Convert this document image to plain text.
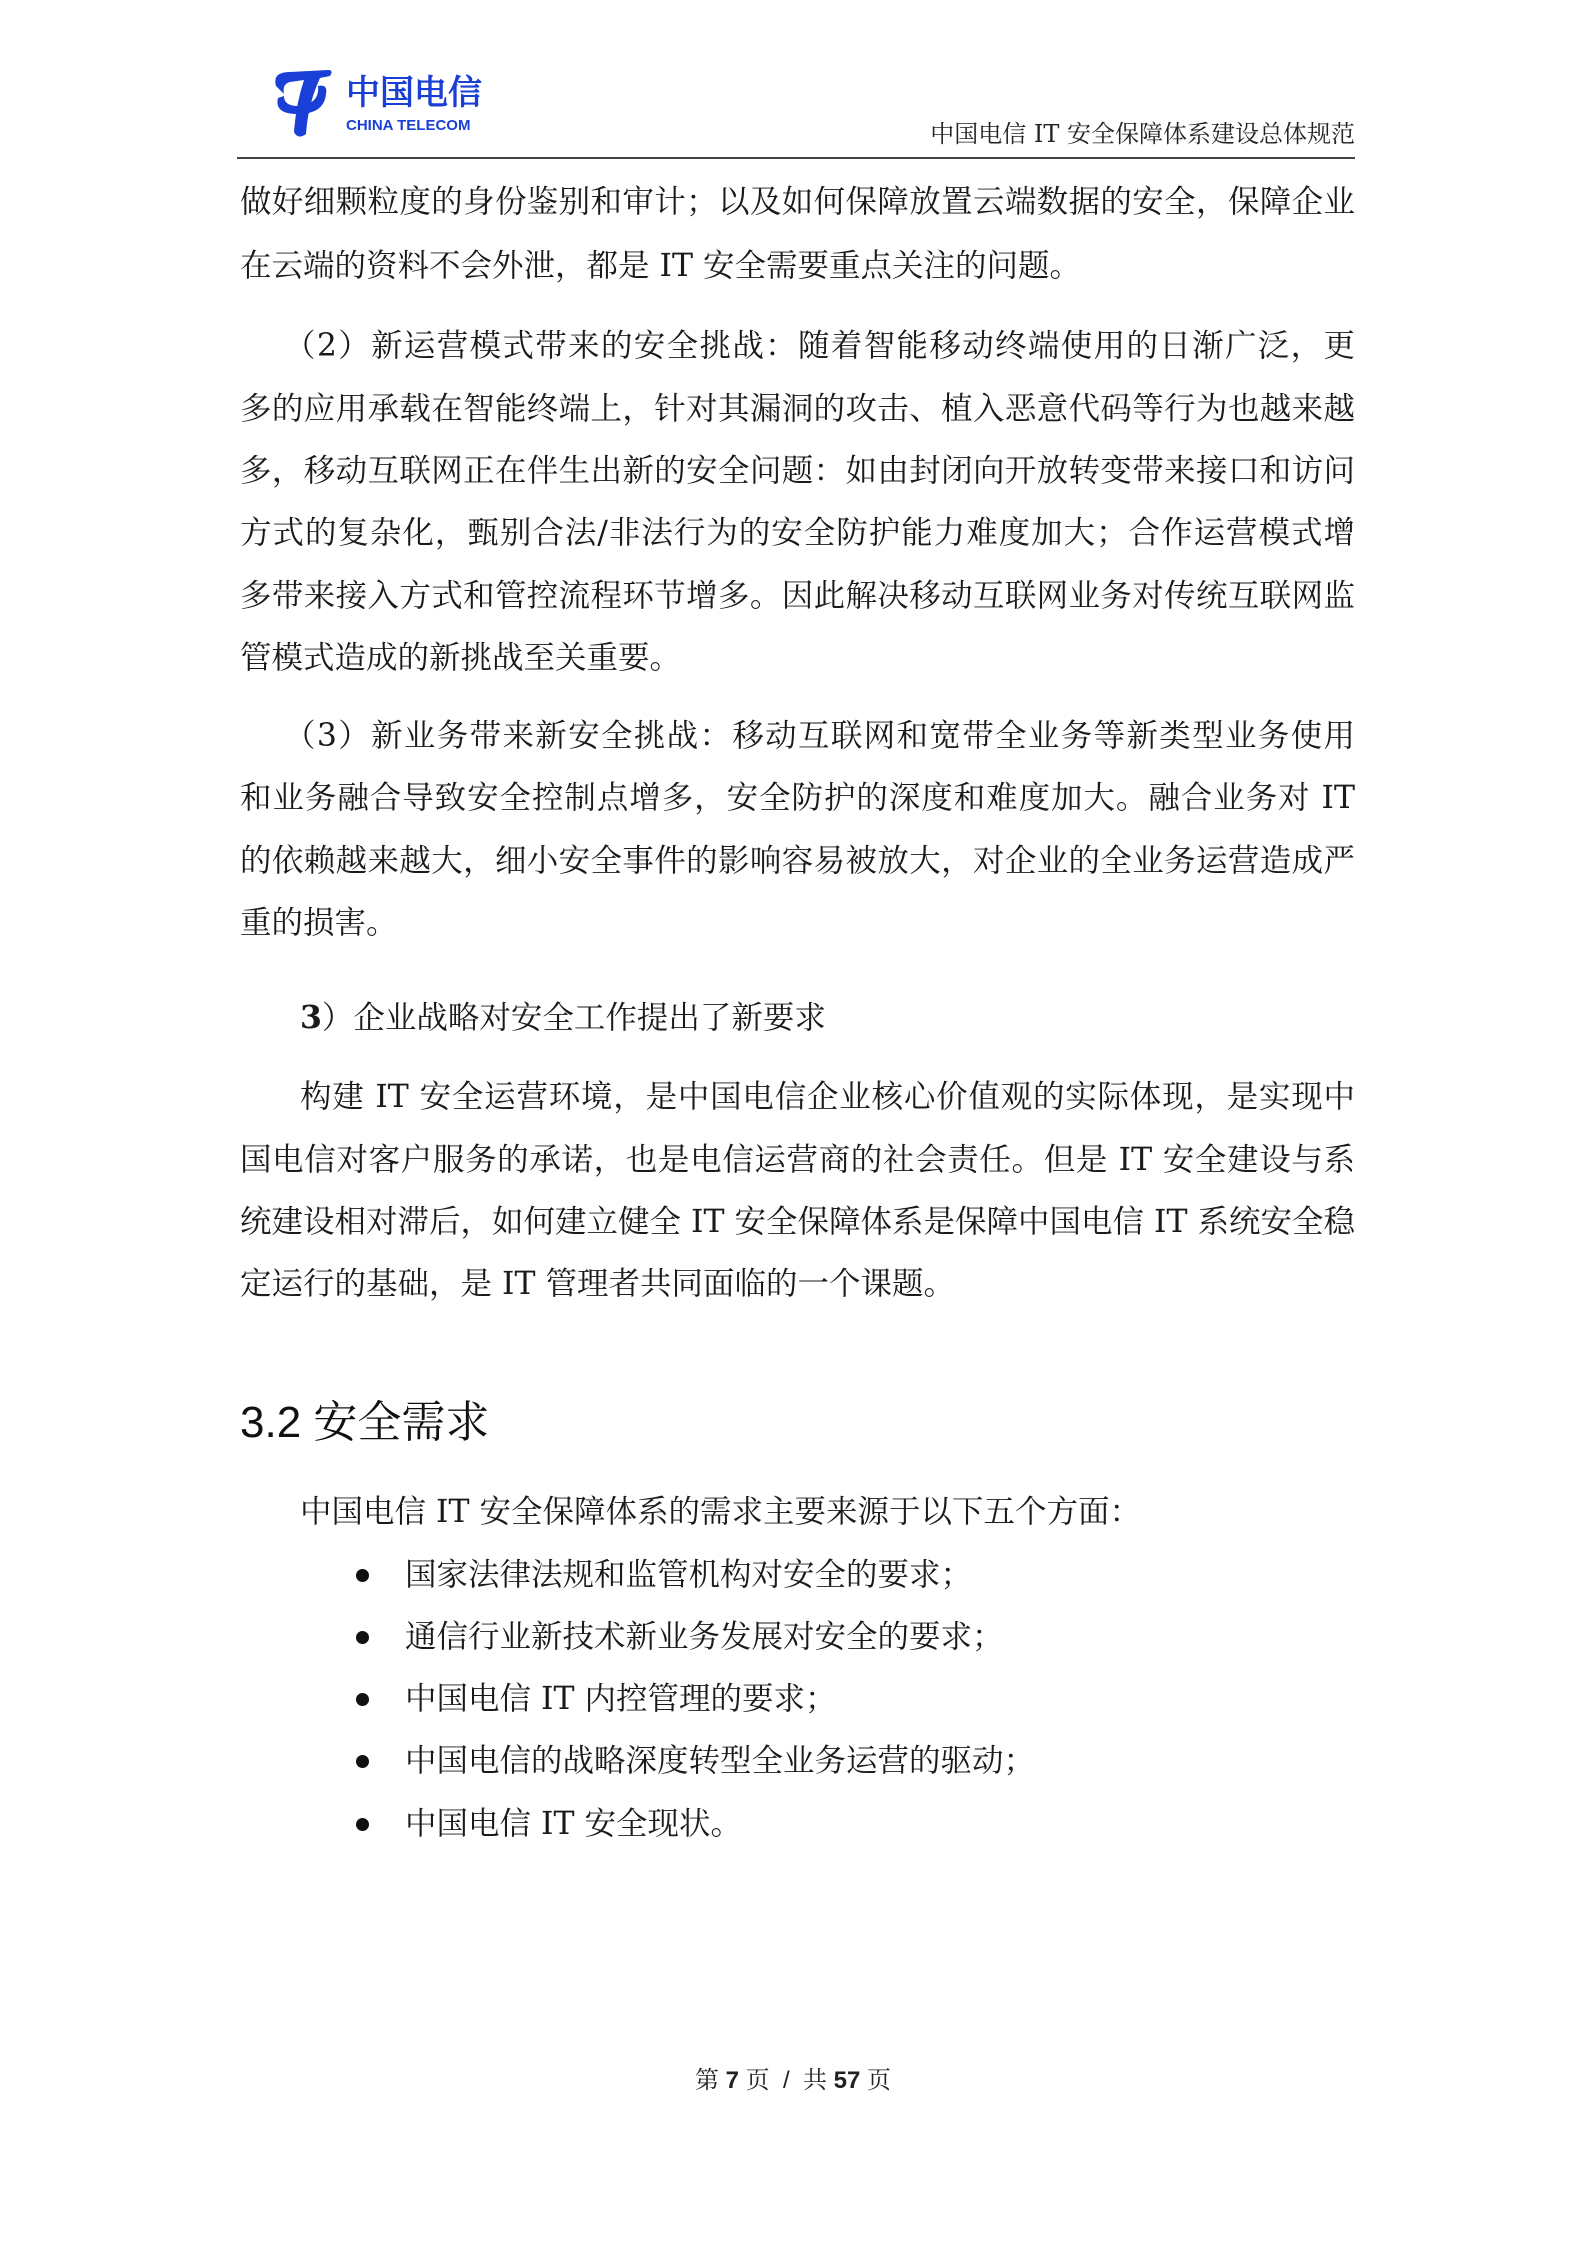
中国电信
CHINA TELECOM	中国电信 IT 安全保障体系建设总体规范
做好细颗粒度的身份鉴别和审计；以及如何保障放置云端数据的安全，保障企业
在云端的资料不会外泄，都是 IT 安全需要重点关注的问题。
（2）新运营模式带来的安全挑战：随着智能移动终端使用的日渐广泛，更
多的应用承载在智能终端上，针对其漏洞的攻击、植入恶意代码等行为也越来越
多，移动互联网正在伴生出新的安全问题：如由封闭向开放转变带来接口和访问
方式的复杂化，甄别合法/非法行为的安全防护能力难度加大；合作运营模式增
多带来接入方式和管控流程环节增多。因此解决移动互联网业务对传统互联网监
管模式造成的新挑战至关重要。
（3）新业务带来新安全挑战：移动互联网和宽带全业务等新类型业务使用
和业务融合导致安全控制点增多，安全防护的深度和难度加大。融合业务对 IT
的依赖越来越大，细小安全事件的影响容易被放大，对企业的全业务运营造成严
重的损害。
3）企业战略对安全工作提出了新要求
构建 IT 安全运营环境，是中国电信企业核心价值观的实际体现，是实现中
国电信对客户服务的承诺，也是电信运营商的社会责任。但是 IT 安全建设与系
统建设相对滞后，如何建立健全 IT 安全保障体系是保障中国电信 IT 系统安全稳
定运行的基础，是 IT 管理者共同面临的一个课题。
3.2 安全需求
中国电信 IT 安全保障体系的需求主要来源于以下五个方面：
国家法律法规和监管机构对安全的要求；
通信行业新技术新业务发展对安全的要求；
中国电信 IT 内控管理的要求；
中国电信的战略深度转型全业务运营的驱动；
中国电信 IT 安全现状。
第 7 页  /  共 57 页
